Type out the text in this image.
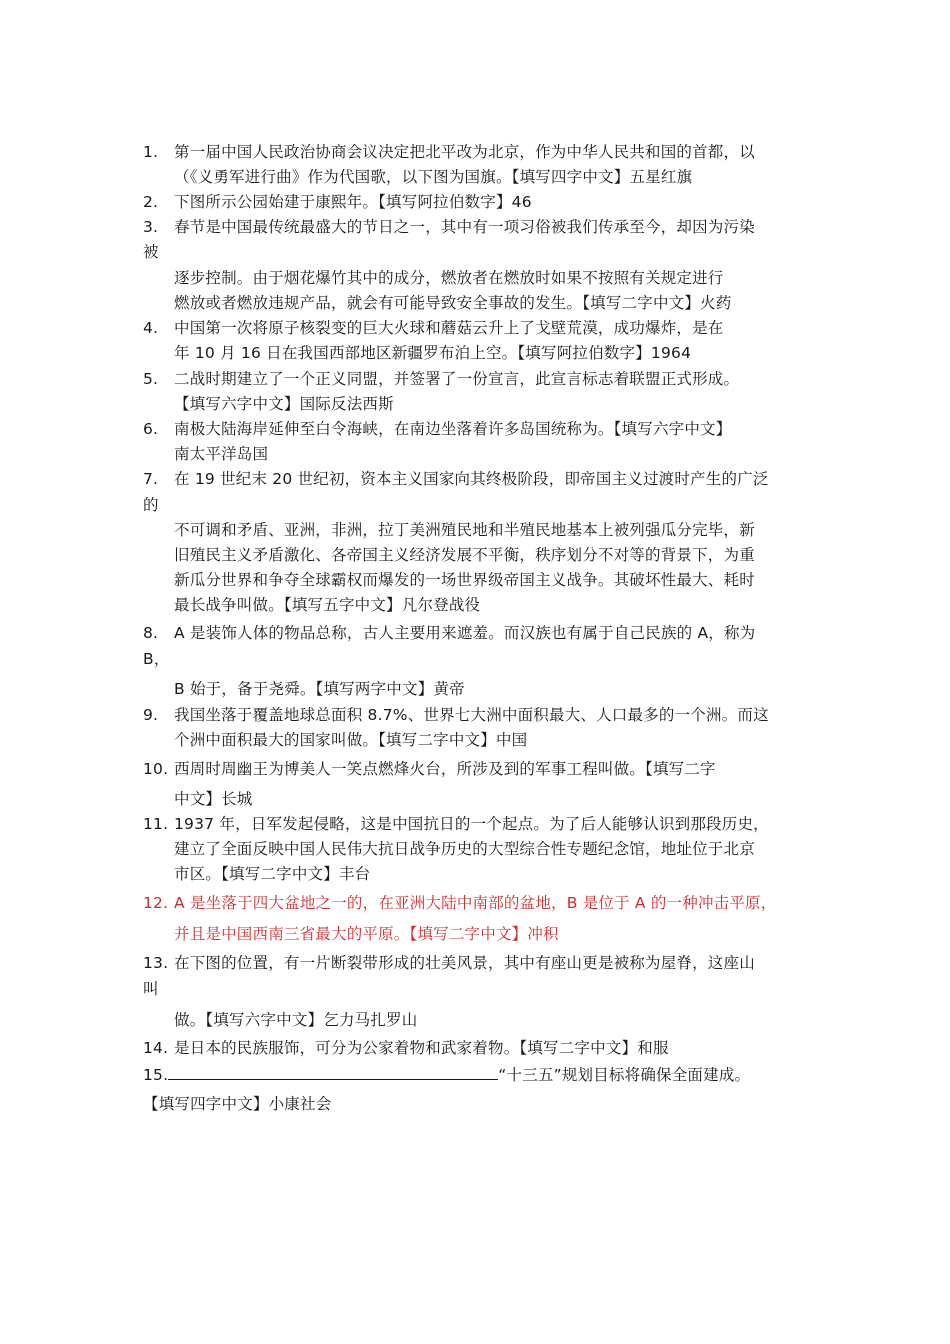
1. 第一届中国人民政治协商会议决定把北平改为北京，作为中华人民共和国的首都，以
（《义勇军进行曲》作为代国歌，以下图为国旗。【填写四字中文】五星红旗
2. 下图所示公园始建于康熙年。【填写阿拉伯数字】46
3. 春节是中国最传统最盛大的节日之一，其中有一项习俗被我们传承至今，却因为污染
被
逐步控制。由于烟花爆竹其中的成分，燃放者在燃放时如果不按照有关规定进行
燃放或者燃放违规产品，就会有可能导致安全事故的发生。【填写二字中文】火药
4. 中国第一次将原子核裂变的巨大火球和蘑菇云升上了戈壁荒漠，成功爆炸，是在
年 10 月 16 日在我国西部地区新疆罗布泊上空。【填写阿拉伯数字】1964
5. 二战时期建立了一个正义同盟，并签署了一份宣言，此宣言标志着联盟正式形成。
【填写六字中文】国际反法西斯
6. 南极大陆海岸延伸至白令海峡，在南边坐落着许多岛国统称为。【填写六字中文】
南太平洋岛国
7. 在 19 世纪末 20 世纪初，资本主义国家向其终极阶段，即帝国主义过渡时产生的广泛
的
不可调和矛盾、亚洲，非洲，拉丁美洲殖民地和半殖民地基本上被列强瓜分完毕，新
旧殖民主义矛盾激化、各帝国主义经济发展不平衡，秩序划分不对等的背景下，为重
新瓜分世界和争夺全球霸权而爆发的一场世界级帝国主义战争。其破坏性最大、耗时
最长战争叫做。【填写五字中文】凡尔登战役
8. A 是装饰人体的物品总称，古人主要用来遮羞。而汉族也有属于自己民族的 A，称为
B，
B 始于，备于尧舜。【填写两字中文】黄帝
9. 我国坐落于覆盖地球总面积 8.7%、世界七大洲中面积最大、人口最多的一个洲。而这
个洲中面积最大的国家叫做。【填写二字中文】中国
10. 西周时周幽王为博美人一笑点燃烽火台，所涉及到的军事工程叫做。【填写二字
中文】长城
11. 1937 年，日军发起侵略，这是中国抗日的一个起点。为了后人能够认识到那段历史，
建立了全面反映中国人民伟大抗日战争历史的大型综合性专题纪念馆，地址位于北京
市区。【填写二字中文】丰台
12. A 是坐落于四大盆地之一的，在亚洲大陆中南部的盆地，B 是位于 A 的一种冲击平原，
并且是中国西南三省最大的平原。【填写二字中文】冲积
13. 在下图的位置，有一片断裂带形成的壮美风景，其中有座山更是被称为屋脊，这座山
叫
做。【填写六字中文】乞力马扎罗山
14. 是日本的民族服饰，可分为公家着物和武家着物。【填写二字中文】和服
15.	“十三五”规划目标将确保全面建成。
【填写四字中文】小康社会
